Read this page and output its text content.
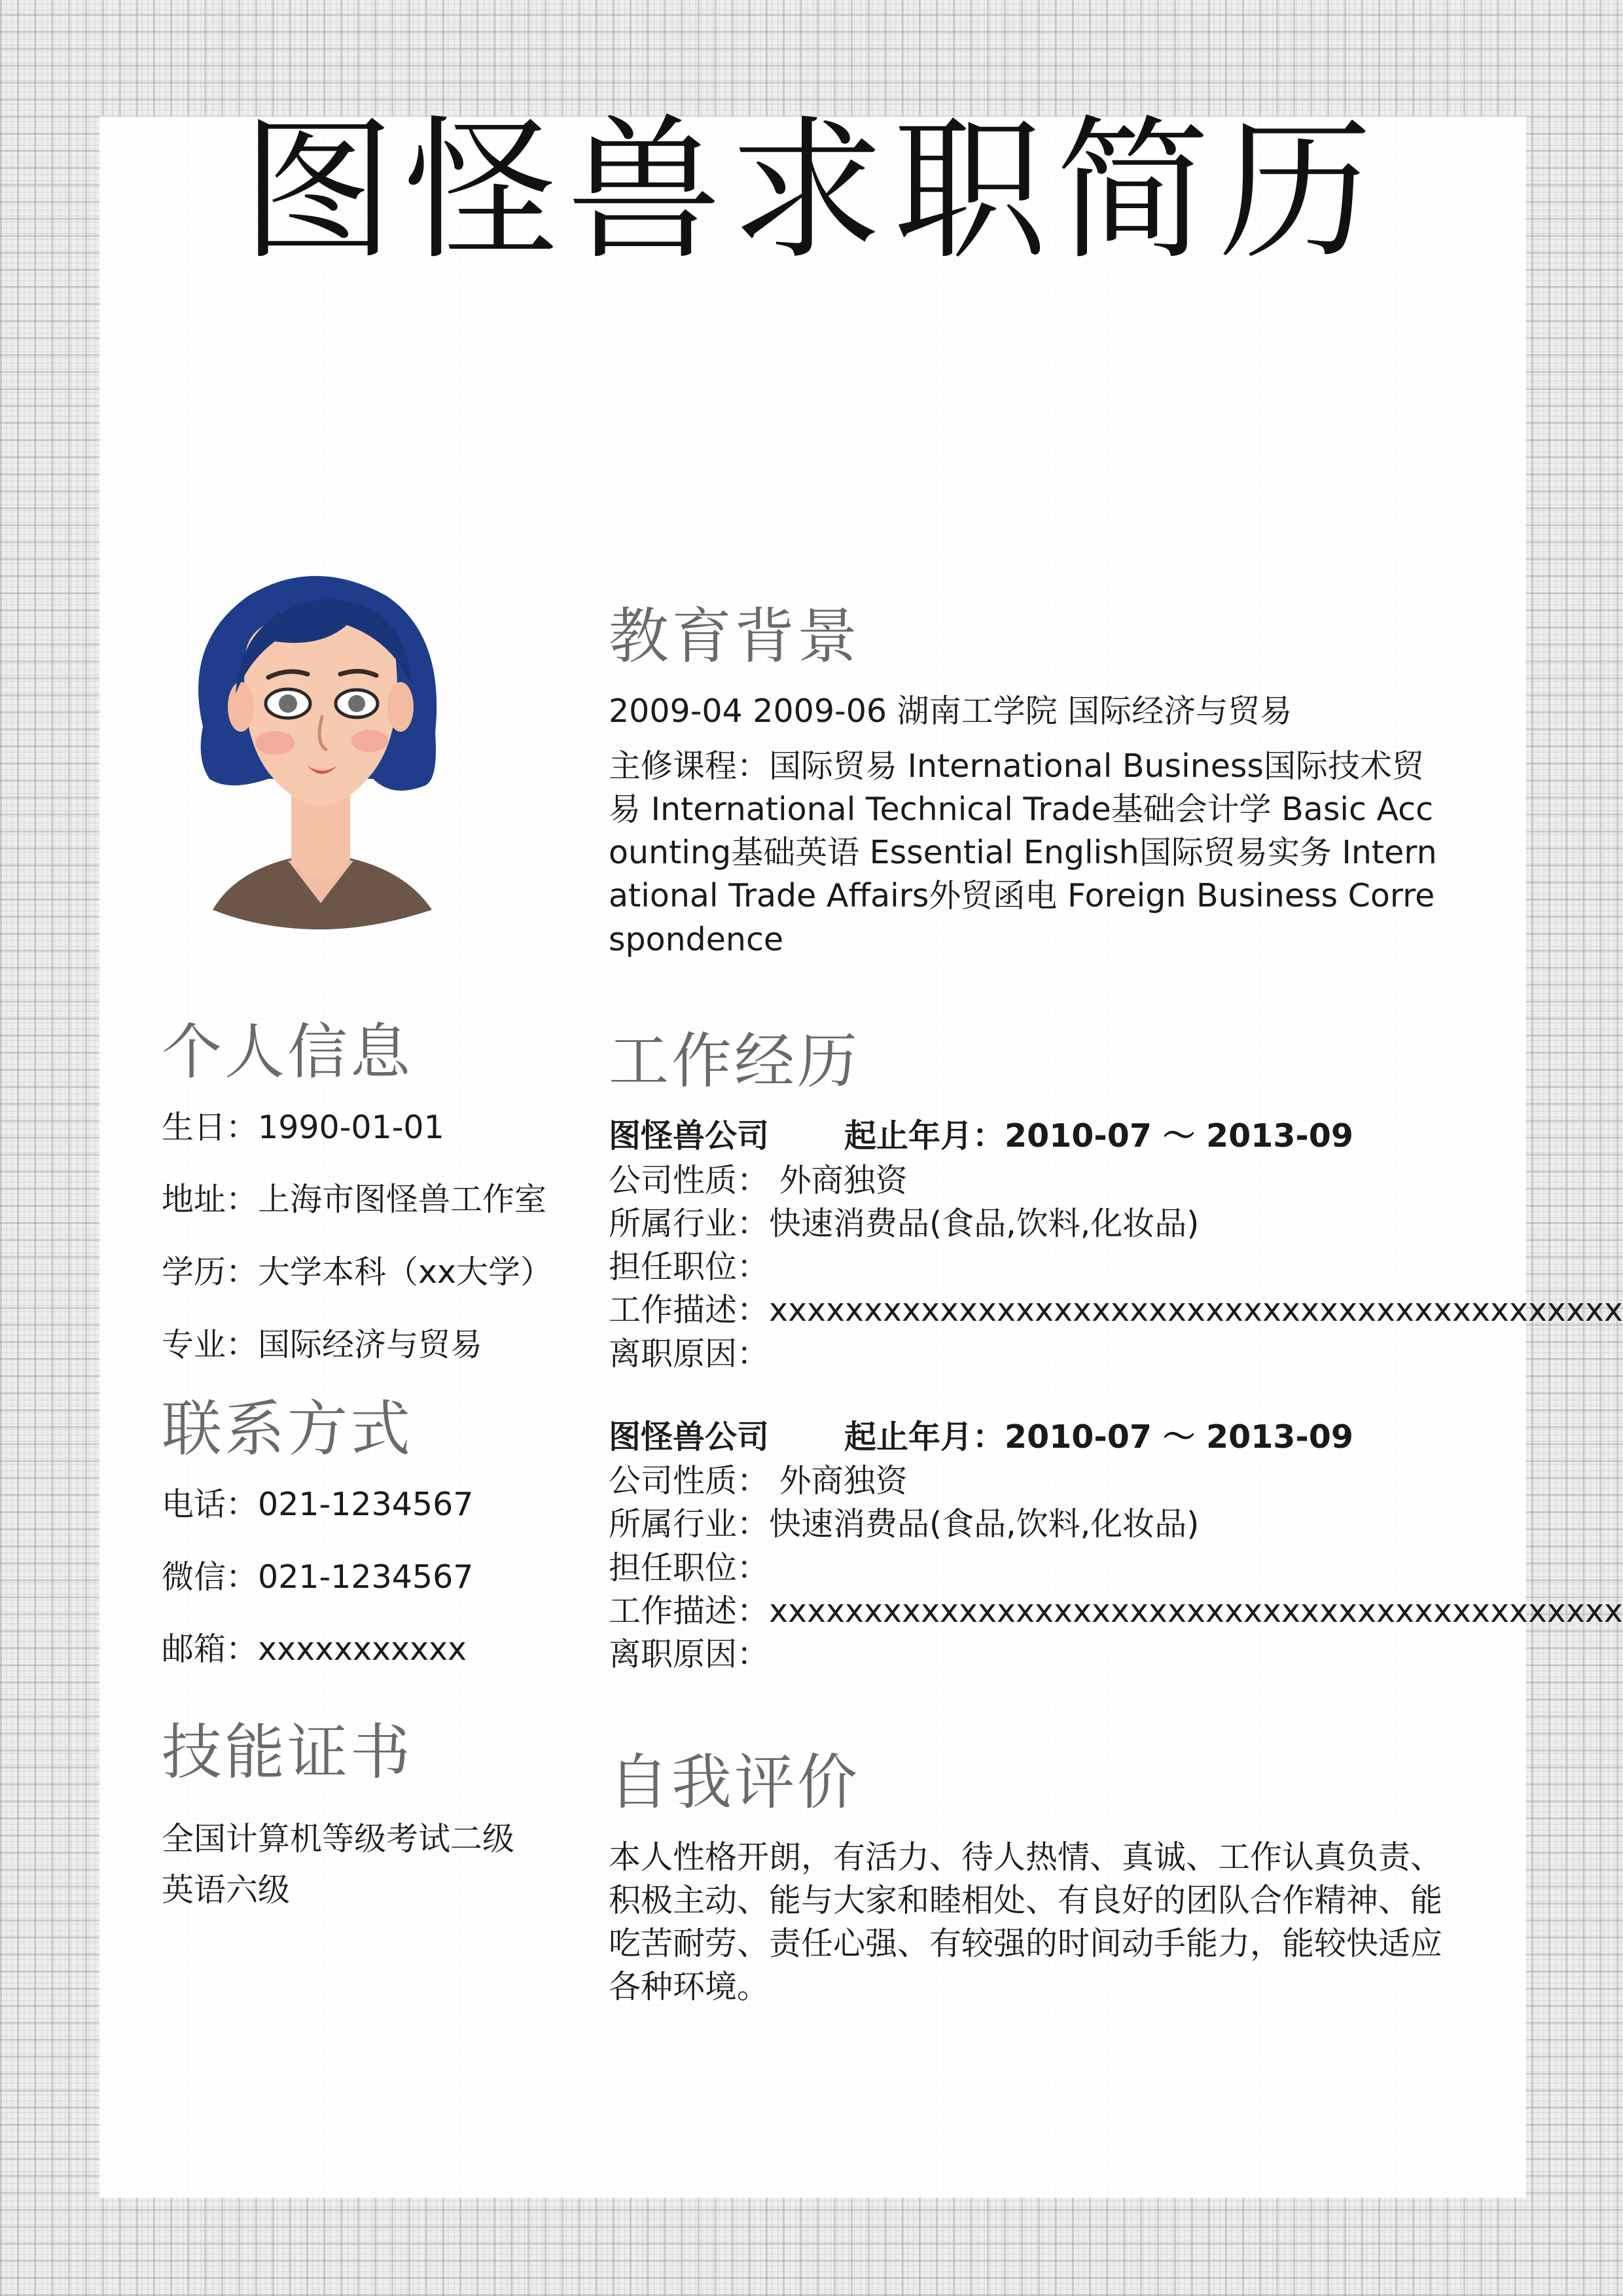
图怪兽求职简历
个人信息
生日：1990-01-01
地址：上海市图怪兽工作室
学历：大学本科（xx大学）
专业：国际经济与贸易
联系方式
电话：021-1234567
微信：021-1234567
邮箱：xxxxxxxxxxx
技能证书
全国计算机等级考试二级
英语六级
教育背景
2009-04 2009-06 湖南工学院 国际经济与贸易
主修课程：国际贸易 International Business国际技术贸易 International Technical Trade基础会计学 Basic Accounting基础英语 Essential English国际贸易实务 International Trade Affairs外贸函电 Foreign Business Correspondence
工作经历
图怪兽公司 起止年月：2010-07 ～ 2013-09
公司性质： 外商独资
所属行业：快速消费品(食品,饮料,化妆品)
担任职位：
工作描述：xxxxxxxxxxxxxxxxxxxxxxxxxxxxxxxxxxxxxxxxxxxxx
离职原因：
图怪兽公司 起止年月：2010-07 ～ 2013-09
公司性质： 外商独资
所属行业：快速消费品(食品,饮料,化妆品)
担任职位：
工作描述：xxxxxxxxxxxxxxxxxxxxxxxxxxxxxxxxxxxxxxxxxxxxx
离职原因：
自我评价
本人性格开朗，有活力、待人热情、真诚、工作认真负责、积极主动、能与大家和睦相处、有良好的团队合作精神、能吃苦耐劳、责任心强、有较强的时间动手能力，能较快适应各种环境。
